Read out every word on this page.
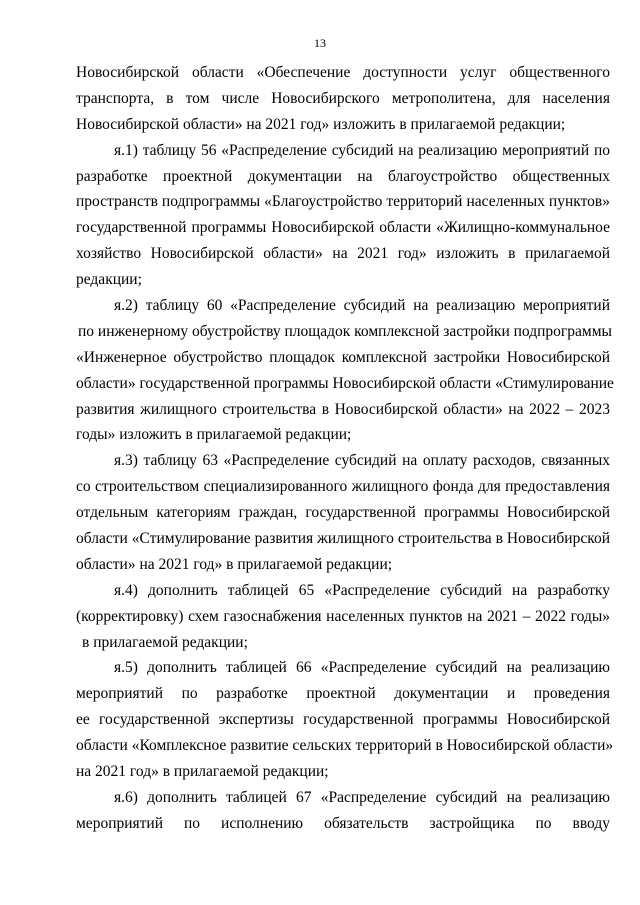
13
Новосибирской области «Обеспечение доступности услуг общественного
транспорта, в том числе Новосибирского метрополитена, для населения
Новосибирской области» на 2021 год» изложить в прилагаемой редакции;
я.1) таблицу 56 «Распределение субсидий на реализацию мероприятий по
разработке проектной документации на благоустройство общественных
пространств подпрограммы «Благоустройство территорий населенных пунктов»
государственной программы Новосибирской области «Жилищно-коммунальное
хозяйство Новосибирской области» на 2021 год» изложить в прилагаемой
редакции;
я.2) таблицу 60 «Распределение субсидий на реализацию мероприятий
по инженерному обустройству площадок комплексной застройки подпрограммы
«Инженерное обустройство площадок комплексной застройки Новосибирской
области» государственной программы Новосибирской области «Стимулирование
развития жилищного строительства в Новосибирской области» на 2022 – 2023
годы» изложить в прилагаемой редакции;
я.3) таблицу 63 «Распределение субсидий на оплату расходов, связанных
со строительством специализированного жилищного фонда для предоставления
отдельным категориям граждан, государственной программы Новосибирской
области «Стимулирование развития жилищного строительства в Новосибирской
области» на 2021 год» в прилагаемой редакции;
я.4) дополнить таблицей 65 «Распределение субсидий на разработку
(корректировку) схем газоснабжения населенных пунктов на 2021 – 2022 годы»
в прилагаемой редакции;
я.5) дополнить таблицей 66 «Распределение субсидий на реализацию
мероприятий по разработке проектной документации и проведения
ее государственной экспертизы государственной программы Новосибирской
области «Комплексное развитие сельских территорий в Новосибирской области»
на 2021 год» в прилагаемой редакции;
я.6) дополнить таблицей 67 «Распределение субсидий на реализацию
мероприятий по исполнению обязательств застройщика по вводу
